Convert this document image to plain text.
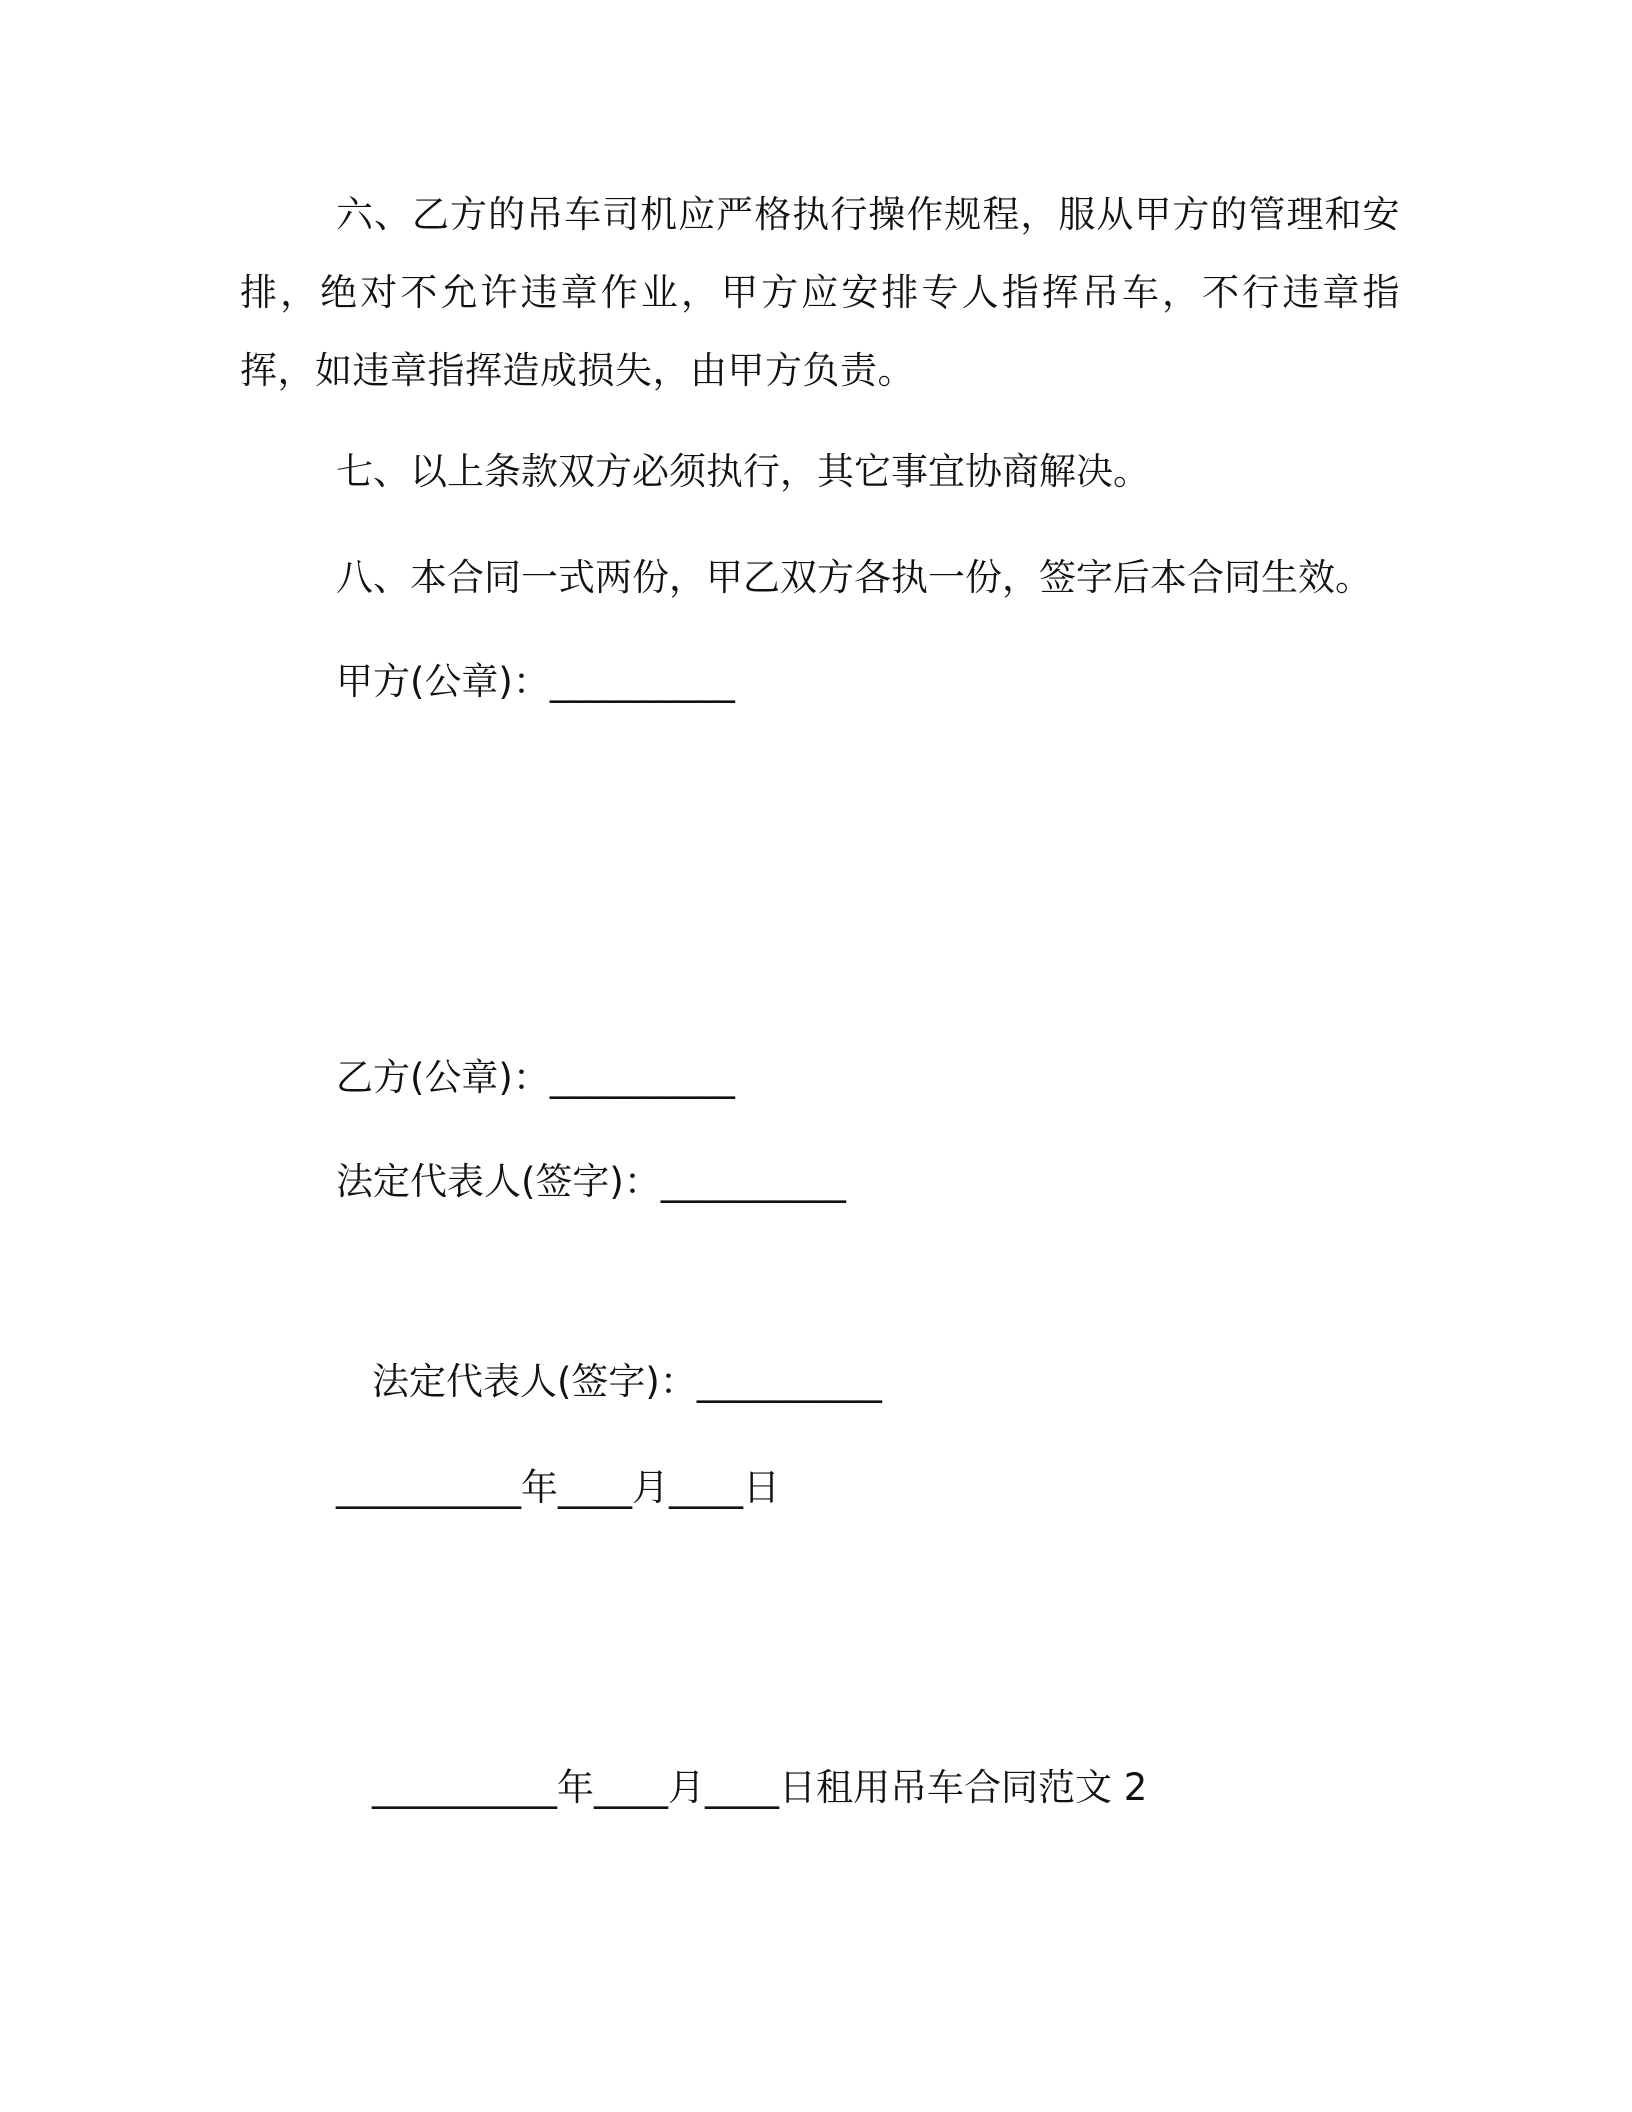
六、乙方的吊车司机应严格执行操作规程，服从甲方的管理和安排，绝对不允许违章作业，甲方应安排专人指挥吊车，不行违章指挥，如违章指挥造成损失，由甲方负责。

七、以上条款双方必须执行，其它事宜协商解决。

八、本合同一式两份，甲乙双方各执一份，签字后本合同生效。

甲方(公章)：__________

乙方(公章)：__________

法定代表人(签字)：__________

法定代表人(签字)：__________

__________年____月____日

__________年____月____日租用吊车合同范文 2
